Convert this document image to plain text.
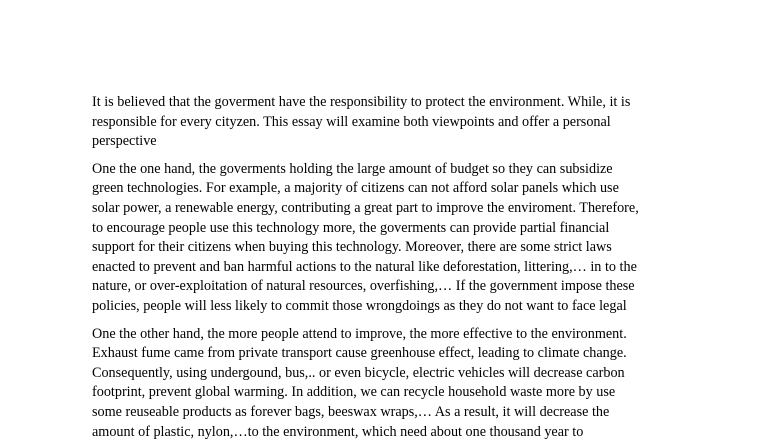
It is believed that the goverment have the responsibility to protect the environment. While, it is
responsible for every cityzen. This essay will examine both viewpoints and offer a personal
perspective

One the one hand, the goverments holding the large amount of budget so they can subsidize
green technologies. For example, a majority of citizens can not afford solar panels which use
solar power, a renewable energy, contributing a great part to improve the enviroment. Therefore,
to encourage people use this technology more, the goverments can provide partial financial
support for their citizens when buying this technology. Moreover, there are some strict laws
enacted to prevent and ban harmful actions to the natural like deforestation, littering,… in to the
nature, or over-exploitation of natural resources, overfishing,… If the government impose these
policies, people will less likely to commit those wrongdoings as they do not want to face legal

One the other hand, the more people attend to improve, the more effective to the environment.
Exhaust fume came from private transport cause greenhouse effect, leading to climate change.
Consequently, using undergound, bus,.. or even bicycle, electric vehicles will decrease carbon
footprint, prevent global warming. In addition, we can recycle household waste more by use
some reuseable products as forever bags, beeswax wraps,… As a result, it will decrease the
amount of plastic, nylon,…to the environment, which need about one thousand year to
